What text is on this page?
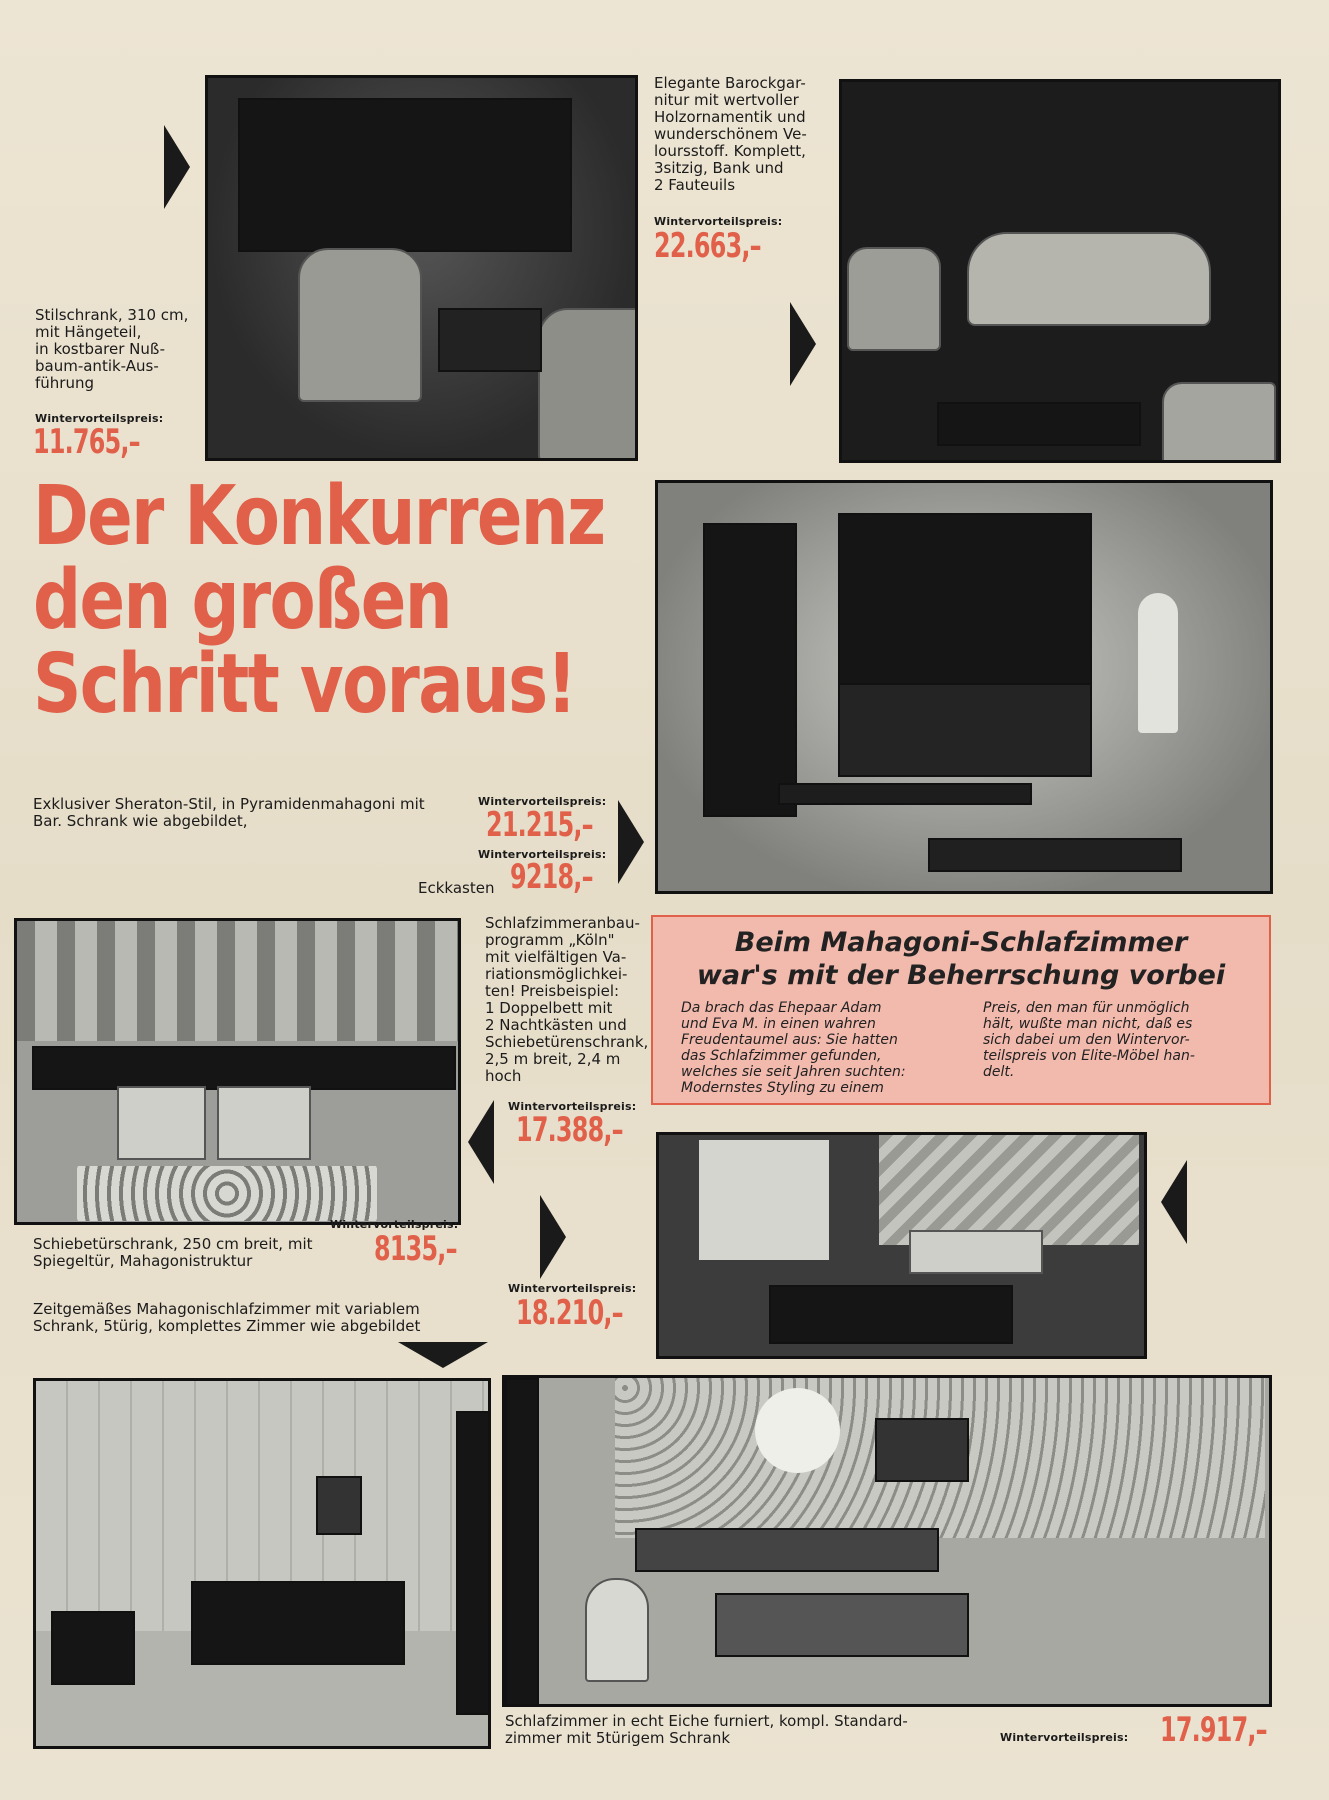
Stilschrank, 310 cm,
mit Hängeteil,
in kostbarer Nuß-
baum-antik-Aus-
führung
Wintervorteilspreis:
11.765,–
Elegante Barockgar-
nitur mit wertvoller
Holzornamentik und
wunderschönem Ve-
loursstoff. Komplett,
3sitzig, Bank und
2 Fauteuils
Wintervorteilspreis:
22.663,–
Der Konkurrenz
den großen
Schritt voraus!
Exklusiver Sheraton-Stil, in Pyramidenmahagoni mit
Bar. Schrank wie abgebildet,
Wintervorteilspreis:
21.215,–
Wintervorteilspreis:
Eckkasten 9218,–
Schlafzimmeranbau-
programm „Köln"
mit vielfältigen Va-
riationsmöglichkei-
ten! Preisbeispiel:
1 Doppelbett mit
2 Nachtkästen und
Schiebetürenschrank,
2,5 m breit, 2,4 m
hoch
Wintervorteilspreis:
17.388,–
Beim Mahagoni-Schlafzimmer
war's mit der Beherrschung vorbei
Da brach das Ehepaar Adam
und Eva M. in einen wahren
Freudentaumel aus: Sie hatten
das Schlafzimmer gefunden,
welches sie seit Jahren suchten:
Modernstes Styling zu einem
Preis, den man für unmöglich
hält, wußte man nicht, daß es
sich dabei um den Wintervor-
teilspreis von Elite-Möbel han-
delt.
Schiebetürschrank, 250 cm breit, mit
Spiegeltür, Mahagonistruktur
Wintervorteilspreis:
8135,–
Zeitgemäßes Mahagonischlafzimmer mit variablem
Schrank, 5türig, komplettes Zimmer wie abgebildet
Wintervorteilspreis:
18.210,–
Schlafzimmer in echt Eiche furniert, kompl. Standard-
zimmer mit 5türigem Schrank	Wintervorteilspreis: 17.917,–
